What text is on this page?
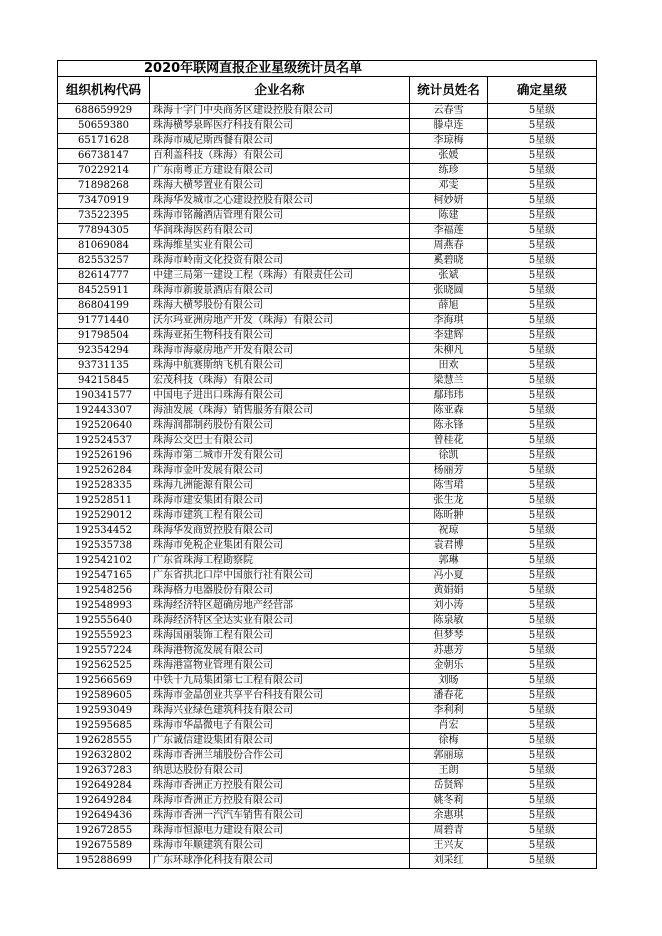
2020年联网直报企业星级统计员名单			
组织机构代码	企业名称	统计员姓名	确定星级
688659929	珠海十字门中央商务区建设控股有限公司	云春雪	5星级
50659380	珠海横琴泉晖医疗科技有限公司	滕卓连	5星级
65171628	珠海市威尼斯西餐有限公司	李琼梅	5星级
66738147	百利盖科技（珠海）有限公司	张媛	5星级
70229214	广东南粤正方建设有限公司	练珍	5星级
71898268	珠海大横琴置业有限公司	邓雯	5星级
73470919	珠海华发城市之心建设控股有限公司	柯妙妍	5星级
73522395	珠海市铭瀚酒店管理有限公司	陈建	5星级
77894305	华润珠海医药有限公司	李福莲	5星级
81069084	珠海维星实业有限公司	周燕春	5星级
82553257	珠海市岭南文化投资有限公司	奚碧晓	5星级
82614777	中建三局第一建设工程（珠海）有限责任公司	张斌	5星级
84525911	珠海市新骏景酒店有限公司	张晓圆	5星级
86804199	珠海大横琴股份有限公司	薛旭	5星级
91771440	沃尔玛亚洲房地产开发（珠海）有限公司	李海琪	5星级
91798504	珠海亚拓生物科技有限公司	李建辉	5星级
92354294	珠海市海豪房地产开发有限公司	朱柳凡	5星级
93731135	珠海中航赛斯纳飞机有限公司	田欢	5星级
94215845	宏茂科技（珠海）有限公司	梁慧兰	5星级
190341577	中国电子进出口珠海有限公司	鄢玮玮	5星级
192443307	海油发展（珠海）销售服务有限公司	陈亚森	5星级
192520640	珠海润都制药股份有限公司	陈永锋	5星级
192524537	珠海公交巴士有限公司	曾桂花	5星级
192526196	珠海市第二城市开发有限公司	徐凯	5星级
192526284	珠海市金叶发展有限公司	杨丽芳	5星级
192528335	珠海九洲能源有限公司	陈雪珺	5星级
192528511	珠海市建安集团有限公司	张生龙	5星级
192529012	珠海市建筑工程有限公司	陈昕翀	5星级
192534452	珠海华发商贸控股有限公司	祝琼	5星级
192535738	珠海市免税企业集团有限公司	袁君博	5星级
192542102	广东省珠海工程勘察院	郭琳	5星级
192547165	广东省拱北口岸中国旅行社有限公司	冯小夏	5星级
192548256	珠海格力电器股份有限公司	黄娟娟	5星级
192548993	珠海经济特区超确房地产经营部	刘小涛	5星级
192555640	珠海经济特区全达实业有限公司	陈泉敏	5星级
192555923	珠海国丽装饰工程有限公司	但梦琴	5星级
192557224	珠海港物流发展有限公司	苏惠芳	5星级
192562525	珠海港富物业管理有限公司	金朝乐	5星级
192566569	中铁十九局集团第七工程有限公司	刘旸	5星级
192589605	珠海市金晶创业共享平台科技有限公司	潘春花	5星级
192593049	珠海兴业绿色建筑科技有限公司	李利利	5星级
192595685	珠海市华晶微电子有限公司	肖宏	5星级
192628555	广东诚信建设集团有限公司	徐梅	5星级
192632802	珠海市香洲兰埔股份合作公司	郭丽琼	5星级
192637283	纳思达股份有限公司	王朗	5星级
192649284	珠海市香洲正方控股有限公司	岳贤辉	5星级
192649284	珠海市香洲正方控股有限公司	姚冬莉	5星级
192649436	珠海市香洲一汽汽车销售有限公司	余惠琪	5星级
192672855	珠海市恒源电力建设有限公司	周碧青	5星级
192675589	珠海市年顺建筑有限公司	王兴友	5星级
195288699	广东环球净化科技有限公司	刘采红	5星级
